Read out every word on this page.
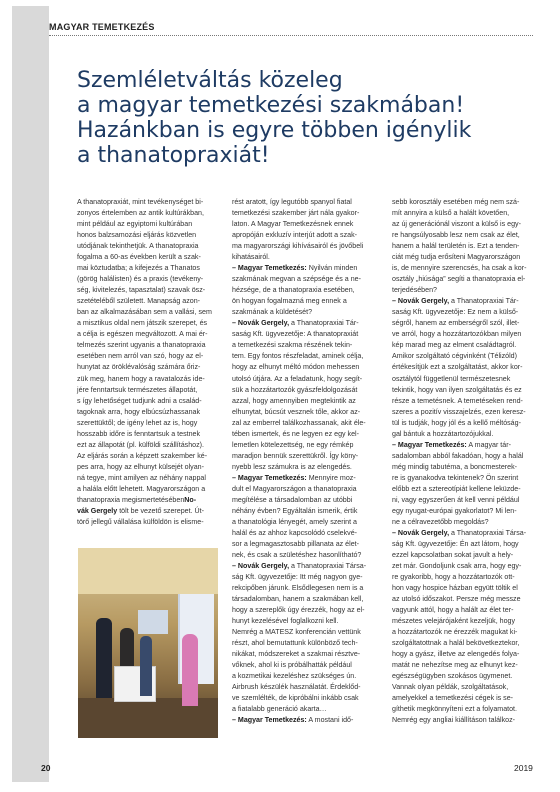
MAGYAR TEMETKEZÉS
Szemléletváltás közeleg
a magyar temetkezési szakmában!
Hazánkban is egyre többen igénylik
a thanatopraxiát!
A thanatopraxiát, mint tevékenységet bi-
zonyos értelemben az antik kultúrákban,
mint például az egyiptomi kultúrában
honos balzsamozási eljárás közvetlen
utódjának tekinthetjük. A thanatopraxia
fogalma a 60-as években került a szak-
mai köztudatba; a kifejezés a Thanatos
(görög halálisten) és a praxis (tevékeny-
ség, kivitelezés, tapasztalat) szavak ösz-
szetételéből született. Manapság azon-
ban az alkalmazásában sem a vallási, sem
a misztikus oldal nem játszik szerepet, és
a célja is egészen megváltozott. A mai ér-
telmezés szerint ugyanis a thanatopraxia
esetében nem arról van szó, hogy az el-
hunytat az öröklévalóság számára őriz-
zük meg, hanem hogy a ravatalozás ide-
jére fenntartsuk természetes állapotát,
s így lehetőséget tudjunk adni a család-
tagoknak arra, hogy elbúcsúzhassanak
szerettüktől; de igény lehet az is, hogy
hosszabb időre is fenntartsuk a testnek
ezt az állapotát (pl. külföldi szállításhoz).
Az eljárás során a képzett szakember ké-
pes arra, hogy az elhunyt külsejét olyan-
ná tegye, mint amilyen az néhány nappal
a halála előtt lehetett. Magyarországon a
thanatopraxia megismertetésébenNo-
vák Gergely tölt be vezető szerepet. Út-
törő jellegű vállalása külföldön is elisme-
rést aratott, így legutóbb spanyol fiatal
temetkezési szakember járt nála gyakor-
laton. A Magyar Temetkezésnek ennek
apropóján exkluzív interjút adott a szak-
ma magyarországi kihívásairól és jövőbeli
kihatásairól.
– Magyar Temetkezés: Nyilván minden
szakmának megvan a szépsége és a ne-
hézsége, de a thanatopraxia esetében,
ön hogyan fogalmazná meg ennek a
szakmának a küldetését?
– Novák Gergely, a Thanatopraxiai Tár-
saság Kft. ügyvezetője: A thanatopraxiát
a temetkezési szakma részének tekin-
tem. Egy fontos részfeladat, aminek célja,
hogy az elhunyt méltó módon mehessen
utolsó útjára. Az a feladatunk, hogy segít-
sük a hozzátartozók gyászfeldolgozását
azzal, hogy amennyiben megtekintik az
elhunytat, búcsút vesznek tőle, akkor az-
zal az emberrel találkozhassanak, akit éle-
tében ismertek, és ne legyen ez egy kel-
lemetlen kötelezettség, ne egy rémkép
maradjon bennük szerettükről. Így köny-
nyebb lesz számukra is az elengedés.
– Magyar Temetkezés: Mennyire moz-
dult el Magyarországon a thanatopraxia
megítélése a társadalomban az utóbbi
néhány évben? Egyáltalán ismerik, értik
a thanatológia lényegét, amely szerint a
halál és az ahhoz kapcsolódó cselekvé-
sor a legmagasztosabb pillanata az élet-
nek, és csak a születéshez hasonlítható?
– Novák Gergely, a Thanatopraxiai Társa-
ság Kft. ügyvezetője: Itt még nagyon gye-
rekcipőben járunk. Elsődlegesen nem is a
társadalomban, hanem a szakmában kell,
hogy a szereplők úgy érezzék, hogy az el-
hunyt kezelésével foglalkozni kell.
Nemrég a MATESZ konferencián vettünk
részt, ahol bemutattunk különböző tech-
nikákat, módszereket a szakmai résztve-
vőknek, ahol ki is próbálhatták például
a kozmetikai kezeléshez szükséges ún.
Airbrush készülék használatát. Érdeklőd-
ve szemlélték, de kipróbálni inkább csak
a fiatalabb generáció akarta…
– Magyar Temetkezés: A mostani idő-
sebb korosztály esetében még nem szá-
mít annyira a külső a halált követően,
az új generációnál viszont a külső is egy-
re hangsúlyosabb lesz nem csak az élet,
hanem a halál területén is. Ezt a tenden-
ciát még tudja erősíteni Magyarországon
is, de mennyire szerencsés, ha csak a kor-
osztály „hiúsága” segíti a thanatopraxia el-
terjedésében?
– Novák Gergely, a Thanatopraxiai Tár-
saság Kft. ügyvezetője: Ez nem a külső-
ségről, hanem az emberségről szól, illet-
ve arról, hogy a hozzátartozókban milyen
kép marad meg az elment családtagról.
Amikor szolgáltató cégvinként (Télizóld)
értékesítjük ezt a szolgáltatást, akkor kor-
osztálytól függetlenül természetesnek
tekintik, hogy van ilyen szolgáltatás és ez
része a temetésnek. A temetéseken rend-
szeres a pozitív visszajelzés, ezen keresz-
tül is tudják, hogy jól és a kellő méltóság-
gal bántuk a hozzátartozójukkal.
– Magyar Temetkezés: A magyar tár-
sadalomban abból fakadóan, hogy a halál
még mindig tabutéma, a boncmesterek-
re is gyanakodva tekintenek? Ön szerint
előbb ezt a sztereotípiát kellene leküzde-
ni, vagy egyszerűen át kell venni például
egy nyugat-európai gyakorlatot? Mi len-
ne a célravezetőbb megoldás?
– Novák Gergely, a Thanatopraxiai Társa-
ság Kft. ügyvezetője: Én azt látom, hogy
ezzel kapcsolatban sokat javult a hely-
zet már. Gondoljunk csak arra, hogy egy-
re gyakoribb, hogy a hozzátartozók ott-
hon vagy hospice házban együtt töltik el
az utolsó időszakot. Persze még messze
vagyunk attól, hogy a halált az élet ter-
mészetes velejárójaként kezeljük, hogy
a hozzátartozók ne érezzék magukat ki-
szolgáltatottnak a halál bekövetkeztekor,
hogy a gyász, illetve az elengedés folya-
matát ne nehezítse meg az elhunyt kez-
egészségügyben szokásos ügymenet.
Vannak olyan példák, szolgáltatások,
amelyekkel a temetkezési cégek is se-
gíthetik megkönnyíteni ezt a folyamatot.
Nemrég egy angliai kiállításon találkoz-
20	2019
